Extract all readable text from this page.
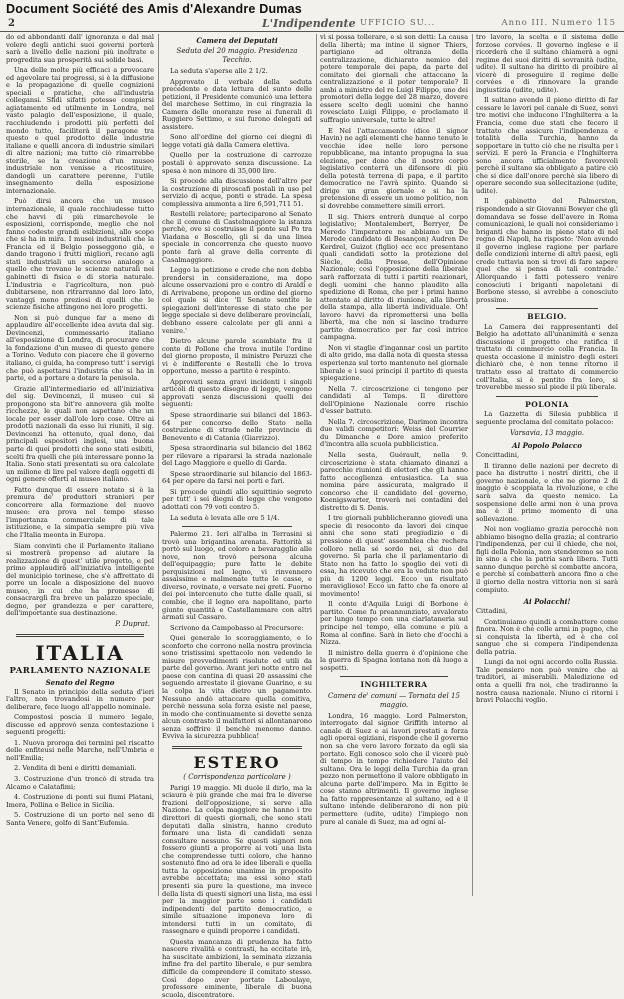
Document Société des Amis d'Alexandre Dumas
2	L'Indipendente UFFICIO SU...	Anno III. Numero 115

do ed abbondanti dall' ignoranza e dal mal volere degli antichi suoi governi porterà sarà a livello delle nazioni più inoltrate e progredita sua prosperità sui solide basi.

Una delle molte più efficaci a provocare ed agevolare tai progressi, si è la diffusione e la propagazione di quelle cognizioni speciali e pratiche, che all'industria collegansi. Sfidi sifatti potesse compiersi agiatamente ed utilmente in Londra, nel vasto palagio dell'esposizione, il quale, racchiudendo i prodotti più perfetti del mondo tutto, faciliterà il paragone tra questo e quel prodotto delle industrie italiane e quelli ancora di industrie similari di altre nazioni; ma tutto ciò rimarrebbe sterile, se la creazione d'un museo industriale non venisse a ricostituire, dandogli un carattere perenne, l'utile insegnamento della esposizione internazionale.

Può dirsi ancora che un museo internazionale, il quale racchiudesse tutto che havvi di più rimarchevole le esposizioni, corrisponde, meglio che nol fanno codeste grandi esibizioni, allo scopo che si ha in mira. I musei industriali che la Francia ed il Belgio posseggono già, e dando tragono i frutti migliori, recano agli stati industriali un soccorso analogo a quello che trovano le scienze naturali nei gabinetti di fisica e di storia naturale. L'industria e l'agricoltura, non può dubitarsene, non ritrarranno dal loro lato, vantaggi meno preziosi di quelli che le scienze fisiche attingono nei loro progetti.

Non si può dunque far a meno di applaudire all'eccellente idea avuta dal sig. Devincenzi, commessario italiano all'esposizione di Londra, di procurare che la fondazione d'un museo di questo genere a Torino. Veduto con piacere che il governo italiano, ci guida, ha compreso tutt' i servigi che può aspettarsi l'industria che si ha in parte, ed a portare a dotare la penisola.

Grazie all'intermediario ed all'iniziativa del sig. Devincenzi, il museo cui si propongono sta bit're annovera già molte ricchezze, le quali non aspettano che un locale per esser dall'ole loro cose. Oltre ai prodotti nazionali da esso lui riuniti, il sig. Devincenzi ha ottenuto, qual dono, dai principali espositori inglesi, una buona parte di quei prodotti che sono stati esibiti, scelti fra quelli che più interessare ponno la Italia. Sono stati presentati su ora calcolate un milione di lire pel valore degli oggetti di ogni genere offerti al museo italiano.

Fatto dunque di essere notato si è la premura de' produttori stranieri per concorrere alla formazione del nuovo museo: era prova nel tempo stesso l'importanza commerciale di tale istituzione, e la simpatia sempre più viva che l'Italia meonta in Europa.

Siam convinti che il Parlamento italiano si mostrerà propenso ad aiutare la realizzazione di quest' utile progetto, e pel primo applaudirà all'iniziativa intelligente del municipio torinese, che s'è affrettato di porre un locale a disposizione del nuovo museo, in cui che ha promesso di consacrarglì fra breve un palazzo speciale, degno, per grandezza e per carattere, dell'importante sua destinazione.

P. Duprat.
ITALIA
PARLAMENTO NAZIONALE
Senato del Regno

Il Senato in principio della seduta d'ieri l'altro, non trovandosi in numero per deliberare, fece luogo all'appello nominale.

Compostosi poscia il numero legale, discusse ed approvò senza contestazione i seguenti progetti:

1. Nuova proroga dei termini pel riscatto delle enfiteusi nelle Marche, nell'Umbria e nell'Emilia;

2. Vendita di beni e diritti demaniali.

3. Costruzione d'un troncò di strada tra Alcamo e Calatafimi;

4. Costruzione di ponti sui fiumi Platani, Imera, Pollina e Belice in Sicilia.

5. Costruzione di un porto nel seno di Santa Venere, golfo di Sant'Eufemia.

Camera dei Deputati
Seduta del 20 maggio. Presidenza Tecchio.

La seduta s'aperse alle 2 1/2.

Approvato il verbale della seduta precedente e data lettura del sunto delle petizioni, il Presidente comunicò una lettera del marchese Settimo, in cui ringrazia la Camera delle onoranze rese ai funerali di Ruggiero Settimo, e sui furono delegati ad assistere.

Sono all'ordine del giorno cei diegni di legge votati già dalla Camera elettiva.

Quello per la costruzione di carrozze postali è approvato senza discussione. La spesa è non minore di 35,000 lire.

Si procede alla discussione dell'altro per la costruzione di piroscafi postali in uso pel servizio di acque, ponti e strade. La spesa complessiva ammonta a lire 6,591,711 51.

Restelli relatore; parteciparono al Senato che il comune di Castelmaggiore la istanza perchè, ove si costruisse il ponte sul Po tra Viadana e Boscello, gli si da una linea speciale in concorrenza che questo nuovo ponte farà al grave della corrente di Casalmaggiore.

Leggo la petizione e crede che non debba prendersi in considerazione, ma dopo alcune osservazioni pro e contro di Araldi e di Arrivabene, propone un ordine del giorno col quale si dice 'Il Senato sentite le spiegazioni dell'interesse di stato che per legge speciale si deve deliberare provinciali, debbano essere calcolate per gli anni a venire.'

Dietro alcune parole scambiate fra il conte di Pollone che trova inutile l'ordine del giorno proposto, il ministro Peruzzi che vi è indifferente e Restelli che lo trova opportuno, messo a partito è respinto.

Approvati senza gravi incidenti i singoli articoli di questo disegno di legge, vengono approvati senza discussioni quelli dei seguenti:

Spese straordinarie sui bilanci del 1863-64 per concorso dello Stato nella costruzione di strade nelle provincie di Benevento e di Catania (Giarrizzo).

Spesa straordinaria sul bilancio del 1862 per rilevare a ripararsi la strada nazionale del Lago Maggiore e quello di Garda.

Spese straordinarie sul bilancio del 1863-64 per opere da farsi nei porti e fari.

Si procede quindi allo squittinio segreto per tutt' i sei diegni di legge che vengono adottati con 79 voti contro 5.

La seduta è levata alle ore 5 1/4.

Palermo 21. Ieri all'alba in Terrasini si trovò una brigantina arenata. Fattorità si portò sul luogo, ed coloro a bevaragglio alle nove, non trovò persona alcuna dell'equipaggio; pure fatte le debite perquisizioni nel legno, vi rinvennero assaissime e malmenate tutte le casse, e diverso, rovinate, e versate nei greti. Fuorno dei poi intercenuto che tutte dalle quali, si combie, che il legno era napolitano, parte giunto quantità e Castellammare con altri armati sul Cassaro.

Scrivono da Campobasso al Precursore:

Quei generale lo scoraggiamento, e lo sconforto che corrono nella nostra provincia sono tristissimi spettacolo non vedendo le misure prevvedimenti risolute ed utili da parte del governo. Avant jeri notte entro nel paese con cantina di quasi 20 assassini che seguendo arrestato il giovane Guarino, e su la colpa la vita dietro un pagamento. Nessuno andò attaccare quella comitiva, perchè nessuna sola forza esiste nel paese, in modo che continuamente si dovette senza alcun contrasto il malfattori si allontanarono senza soffrire il benchè menomo danno. Evviva la sicurezza pubblica!

ESTERO
( Corrispondenza particolare )

Parigi 19 maggio. Mi duole il dirlo, ma la sciaura è più grande che mai fra le diverse frazioni dell'opposizione, si serve alla Nazione. La colpa maggiore ne hanno i tre direttori di questi giornali, che sono stati deputati dalla sinistra, hanno creduto formare una lista di candidati senza consultare nessuno. Se questi signori non fossero giunti a proporre ai voti una lista che comprendesse tutti coloro, che hanno sostenuto fino ad ora le idee liberali e quella tutta la opposizione unanime in proposito avrebbe accettata; ma essi sono stati presenti sia pure la questione, ma invece della lista di questi signori una lista, ma essi per la maggior parte sono i candidati indipendenti del partito democratico, e simile situazione imponeva loro di intendersi tutti in un comitato, di rassegnare e quindi proporre i candidati.

Questa mancanza di prudenza ha fatto nascere rivalità e contrasti, ha eccitate irà, ha suscitate ambizioni, la seminata zizzania infine fra del partito liberale, e pur sembra difficile da comprendere il comitato stesso. Così dopo aver portato Laboulaye, professore eminente, liberale di buona scuola, discentratore.

vi si possa tollerare, e si son detti: La causa della libertà; ma intine il signor Thiers, partigiano ad oltranza della centralizzazione, dichiarato nemico del potere temporale dei papa, da parte del comitato dei giornali che attaccano la centralizzazione e il poter temporale? Il ambi a ministro del re Luigi Filippo, uno dei promotori della legge del 28 marzo, dovere essere scelto degli uomini che hanno rovesciato Luigi Filippo, e proclamato il suffragio universale, tutte le altre!

E Nel l'attaccamento (dice il signor Havin) ne agli elementi che hanno tenuto le vecchie idee nelle loro persone repubblicane, ma intanto propugna la sua elezione, per dono che il nostro corpo legislativo conterrà un difensore di più della potestà terrena di papa, e il partito democratico ne l'avrà spinto. Quando si dirige un gran giornale e si ha la pretensione di essere un uomo politico, non si dovrebbe commettere simili errori.

Il sig. Thiers entrerà dunque al corpo legislativo; Montalembert, Berryer, De Meredo l'imperatore ne abbiamo un De Merode candidato di Besançon) Audren De Kerdrel, Guizot (figlio) ecc ecc presentano quali candidati sotto la protezione del Siècle, della Presse, dell'Opinione Nazionale; così l'opposizione della liberale sarà rafforzata di tutti i partiti reazionari, degli uomini che hanno plaudito alla spedizione di Roma, che per i primi hanno attentato al diritto di riunione, alla libertà della stampa, alla libertà individuale. Oh! lavoro havvi da ripromettersi una bella libertà, ma che non si lascino tradurre partito democratico per far così intrice campagna.

Non vi staglie d'ingannar così un partito di alto grido, ma dalla nota di questa stessa esperienza sul torto mantenuto nel giornale liberale e i suoi principi il partito di questa spiegazione.

Nella 7. circoscrizione ci tengono per candidati al Temps. Il direttore dell'Opinione Nazionale corre rischio d'esser battuto.

Nella 7. circoscrizione, Darimon incontra due validi competitori: Weiss del Courrier du Dimanche e Dore amico preferito d'incontra alla scuola pubblicistica.

Nella sesta, Guérault, nella 9. circoscrizione è stata chiamato dinanzi a parecchie riunioni di elettori che gli hanno fatto accoglienza entusiastica. La sua nomina pare assicurata, malgrado il concorso che il candidato del governo, Koenigswarter, troverà nei contadini del distretto di S. Denis.

I tre giornali pubblicheranno giovedì una specie di resoconto da lavori dei cinque anni che sono stati pregiudizio e di pressione di quest' assemblea che rechera colloro nella sé sordo nei, sì duo del governo. Si parla che il parlamentario di Stato non ha fatto lo spoglio dei voti di essa, ha ricevuto che era la vedute non può più di 1200 leggi. Ecco un risultato meraviglioso! Ecco un fatto che fa onore al movimento!

Il conte d'Aquila Luigi di Borbone è partito. Come fu preannunziato, avvalorato per lungo tempo con una ciarlataneria sul principe nel tempo, ella comune e più a Roma al confine. Sarà in lieto che d'occhi a Nizza.

Il ministro della guerra è d'opinione che la guerra di Spagna lontana non dà luogo a sospetti.

INGHILTERRA
Camera de' comuni — Tornata del 15 maggio.

Londra, 16 maggio. Lord Palmerston, interrogato dal signor Griffith intorno al canale di Suez e ai lavori prestati a forza agli operai egiziani, risponde che il governo non sa che vero lavoro forzato da egli sia portato. Egli conosce solo che il vicerè può di tempo in tempo richiedere l'aiuto del sultano. Ora le leggi della Turchia da gran pezzo non permettono il valore obbligato in alcuna parte dell'impero. Ma in Egitto le cose stanno altrimenti. Il governo inglese ha fatto rappresentanze al sultano, ed è il sultano intende deliberarono di non più permettere (udite, udite) l'impiego non pure al canale di Suez, ma ad ogni al-

tro lavoro, la scelta e il sistema delle forzose corvées. Il governo inglese e il ricorderà che il sultano chiamerà a ogni regime dei suoi diritti di sovranità (udite, udite). Il sultano ha diritto di proibire al vicerè di proseguire il regime delle corvées e di rinnovare la grande ingiustizia (udite, udite).

Il sultano avendo il pieno diritto di far cessare le lavori pel canale di Suez, sonvi tre motivi che inducono l'Inghilterra a la Francia, come due stati che fecero il trattato che assicura l'indipendenza e totalità della Turchia, hanno da sopportare in tutto ciò che ne risulta per i servizi. E però la Francia e l'Inghilterra sono ancora ufficialmente favorevoli perchè il sultano sia obbligato a patire ciò che si dice dall'onore perchè sia libero di operare secondo sua sollecitazione (udite, udite).

Il gabinetto del Palmerston, rispondendo a sir Giovanni Bowyer che gli domandava se fosse dell'avere in Roma comunicazioni, le quali noi consideriamo i briganti che hanno in pieno stato di nel regno di Napoli, ha risposto: 'Non avendo il governo inglese ragione per parlare delle condizioni interne di altri paesi, egli crede tuttavia non si trovi di fare sapere quel che si pensa di tali contrade.' Allorquando i fatti potessero venire conosciuti i briganti napoletani di Borbone stesso, si avrebbe a conosciuto prossime.

BELGIO.

La Camera dei rappresentanti del Belgio ha adottato all'unanimità e senza discussione il progetto che ratifica il trattato di commercio colla Francia. In questa occasione il ministro degli esteri dichiarò che, è non tenne ritorno il trattato esso al trattato di commercio coll'Italia, si è pentito fra loro, si troverebbe messo sul piede il più liberale.

POLONIA

La Gazzetta di Silesia pubblica il seguente proclama del comitato polacco:

Varsavia, 13 maggio.
Al Popolo Polacco

Concittadini,

Il tiranno delle nazioni per decreto di pace ha distrutto i nostri diritti, che il governo nazionale, e che ne giorno 2 di maggio è scoppiata la rivoluzione, e che sarà salva da questo nemico. La sospensione delle armi non è una prova ma è il primo momento di una sollevazione.

Noi non vogliamo grazia perocchè non abbiamo bisogno della grazia; al contrario l'indipendenza, per cui il chiede, che noi, figli della Polonia, non stenderemo se non in sino a che la patria sarà libera. Tutti sanno dunque perchè si combatte ancora, e perchè si combatterà ancora fino a che il giorno della nostra vittoria non si sarà compiuto.

Ai Polacchi!

Cittadini,

Continuiamo quindi a combattere come finora. Non è che colle armi in pugno, che si conquista la libertà, ed è che col sangue che si compera l'indipendenza della patria.

Lungi da noi ogni accordo colla Russia. Tale pensiero non può venire che ai traditori, ai miserabili. Maledizione ed onta a quelli fra noi, che tradiranno la nostra causa nazionale. Niuno ci ritorni i bravi Polacchi voglio.
